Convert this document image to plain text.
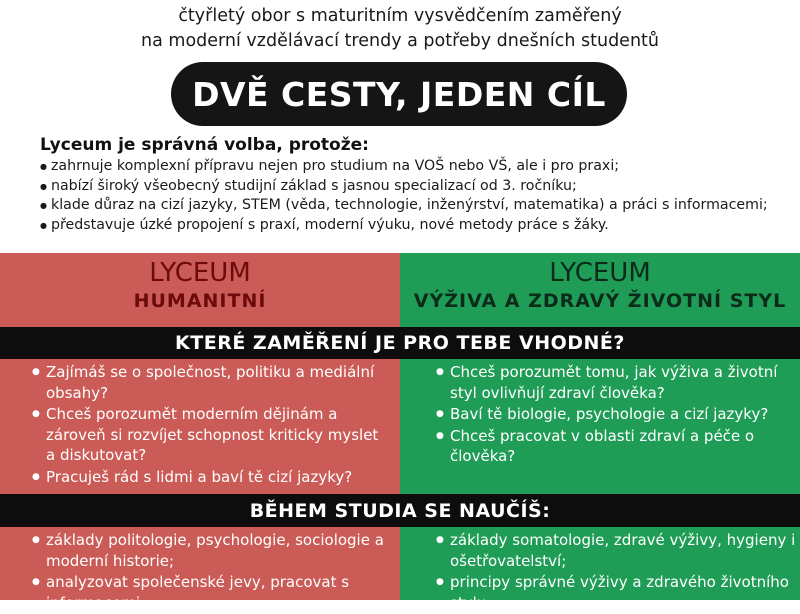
čtyřletý obor s maturitním vysvědčením zaměřený
na moderní vzdělávací trendy a potřeby dnešních studentů
DVĚ CESTY, JEDEN CÍL
Lyceum je správná volba, protože:
● zahrnuje komplexní přípravu nejen pro studium na VOŠ nebo VŠ, ale i pro praxi;
● nabízí široký všeobecný studijní základ s jasnou specializací od 3. ročníku;
● klade důraz na cizí jazyky, STEM (věda, technologie, inženýrství, matematika) a práci s informacemi;
● představuje úzké propojení s praxí, moderní výuku, nové metody práce s žáky.
LYCEUM
HUMANITNÍ
LYCEUM
VÝŽIVA A ZDRAVÝ ŽIVOTNÍ STYL
KTERÉ ZAMĚŘENÍ JE PRO TEBE VHODNÉ?
● Zajímáš se o společnost, politiku a mediální obsahy?
● Chceš porozumět moderním dějinám a zároveň si rozvíjet schopnost kriticky myslet a diskutovat?
● Pracuješ rád s lidmi a baví tě cizí jazyky?
● Chceš porozumět tomu, jak výživa a životní styl ovlivňují zdraví člověka?
● Baví tě biologie, psychologie a cizí jazyky?
● Chceš pracovat v oblasti zdraví a péče o člověka?
BĚHEM STUDIA SE NAUČÍŠ:
● základy politologie, psychologie, sociologie a moderní historie;
● analyzovat společenské jevy, pracovat s informacemi
● základy somatologie, zdravé výživy, hygieny i ošetřovatelství;
● principy správné výživy a zdravého životního stylu
